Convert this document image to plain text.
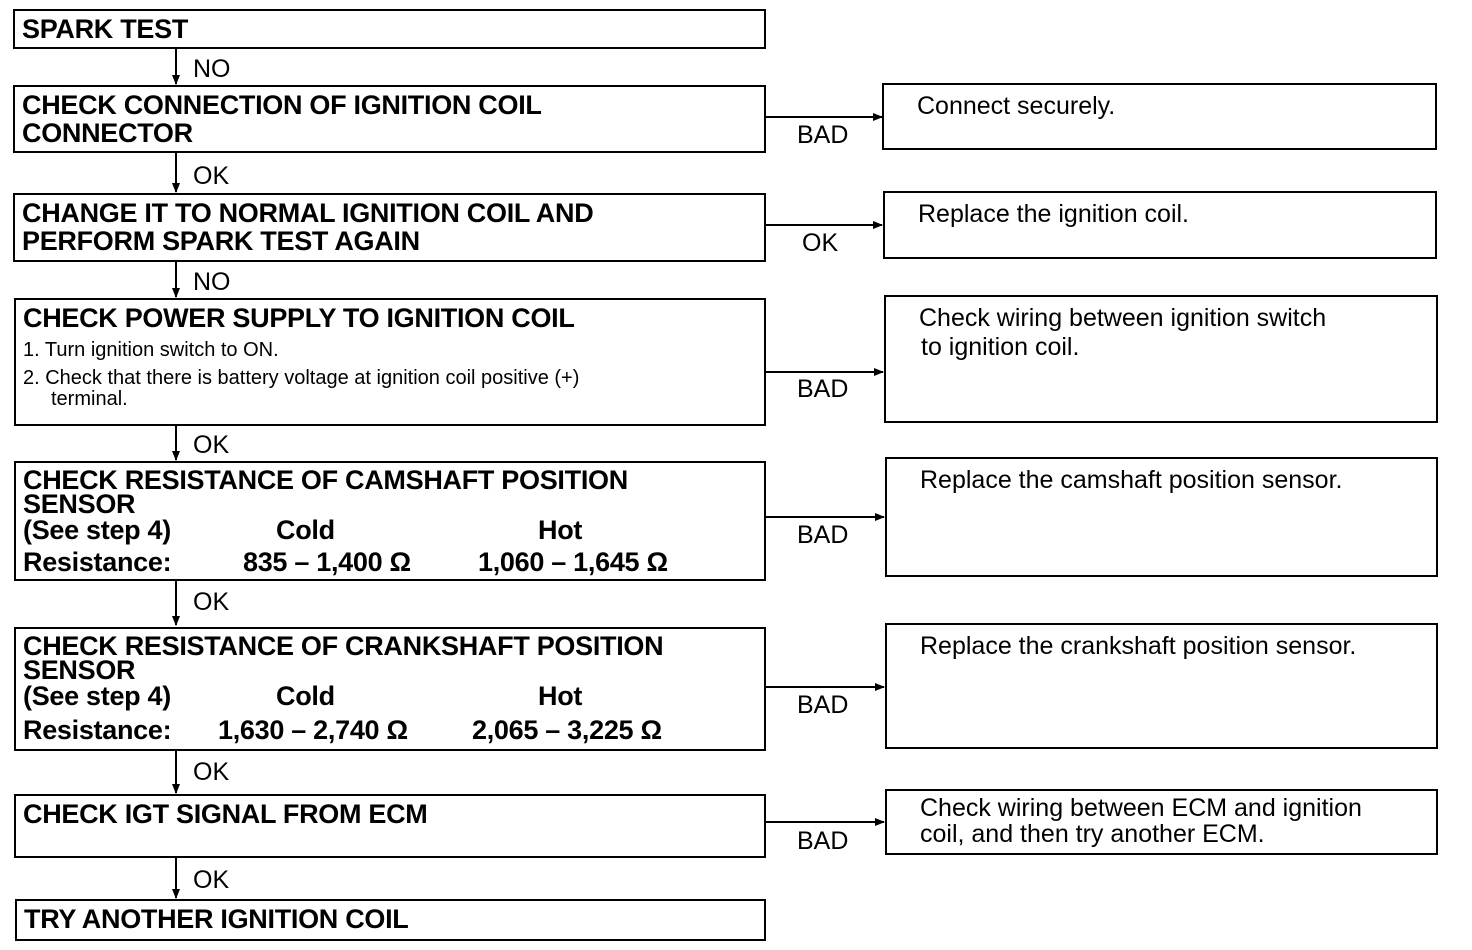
SPARK TEST

CHECK CONNECTION OF IGNITION COIL

CONNECTOR

CHANGE IT TO NORMAL IGNITION COIL AND

PERFORM SPARK TEST AGAIN

CHECK POWER SUPPLY TO IGNITION COIL

1. Turn ignition switch to ON.

2. Check that there is battery voltage at ignition coil positive (+)

terminal.

CHECK RESISTANCE OF CAMSHAFT POSITION
SENSOR
(See step 4)	Cold	Hot
Resistance:	835 – 1,400 Ω 1,060 – 1,645 Ω
CHECK RESISTANCE OF CRANKSHAFT POSITION
SENSOR
(See step 4)	Cold	Hot
Resistance: 1,630 – 2,740 Ω 2,065 – 3,225 Ω

CHECK IGT SIGNAL FROM ECM

TRY ANOTHER IGNITION COIL

Connect securely.
Replace the ignition coil.
Check wiring between ignition switch
to ignition coil.
Replace the camshaft position sensor.
Replace the crankshaft position sensor.
Check wiring between ECM and ignition
coil, and then try another ECM.
NO
OK
NO
OK
OK
OK
OK
BAD
OK
BAD
BAD
BAD
BAD
